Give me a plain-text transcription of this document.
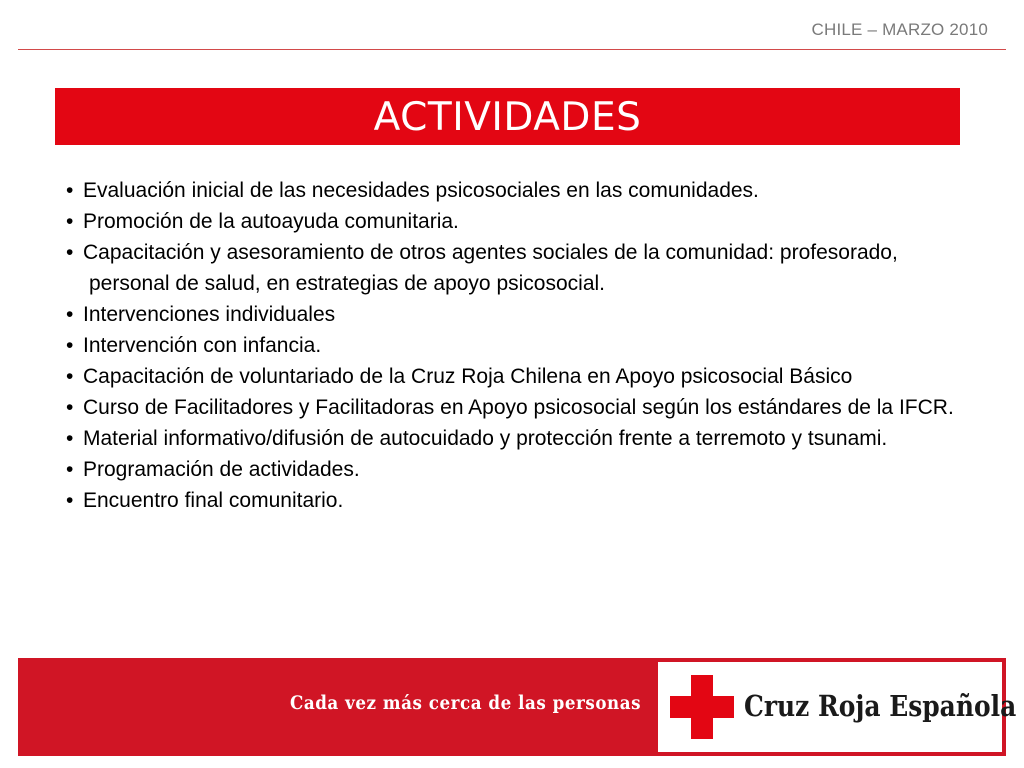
CHILE – MARZO 2010
ACTIVIDADES
• Evaluación inicial de las necesidades psicosociales en las comunidades.
• Promoción de la autoayuda comunitaria.
• Capacitación y asesoramiento de otros agentes sociales de la comunidad: profesorado, personal de salud, en estrategias de apoyo psicosocial.
• Intervenciones individuales
• Intervención con infancia.
• Capacitación de voluntariado de la Cruz Roja Chilena en Apoyo psicosocial Básico
• Curso de Facilitadores y Facilitadoras en Apoyo psicosocial según los estándares de la IFCR.
• Material informativo/difusión de autocuidado y protección frente a terremoto y tsunami.
• Programación de actividades.
• Encuentro final comunitario.
Cada vez más cerca de las personas	Cruz Roja Española
